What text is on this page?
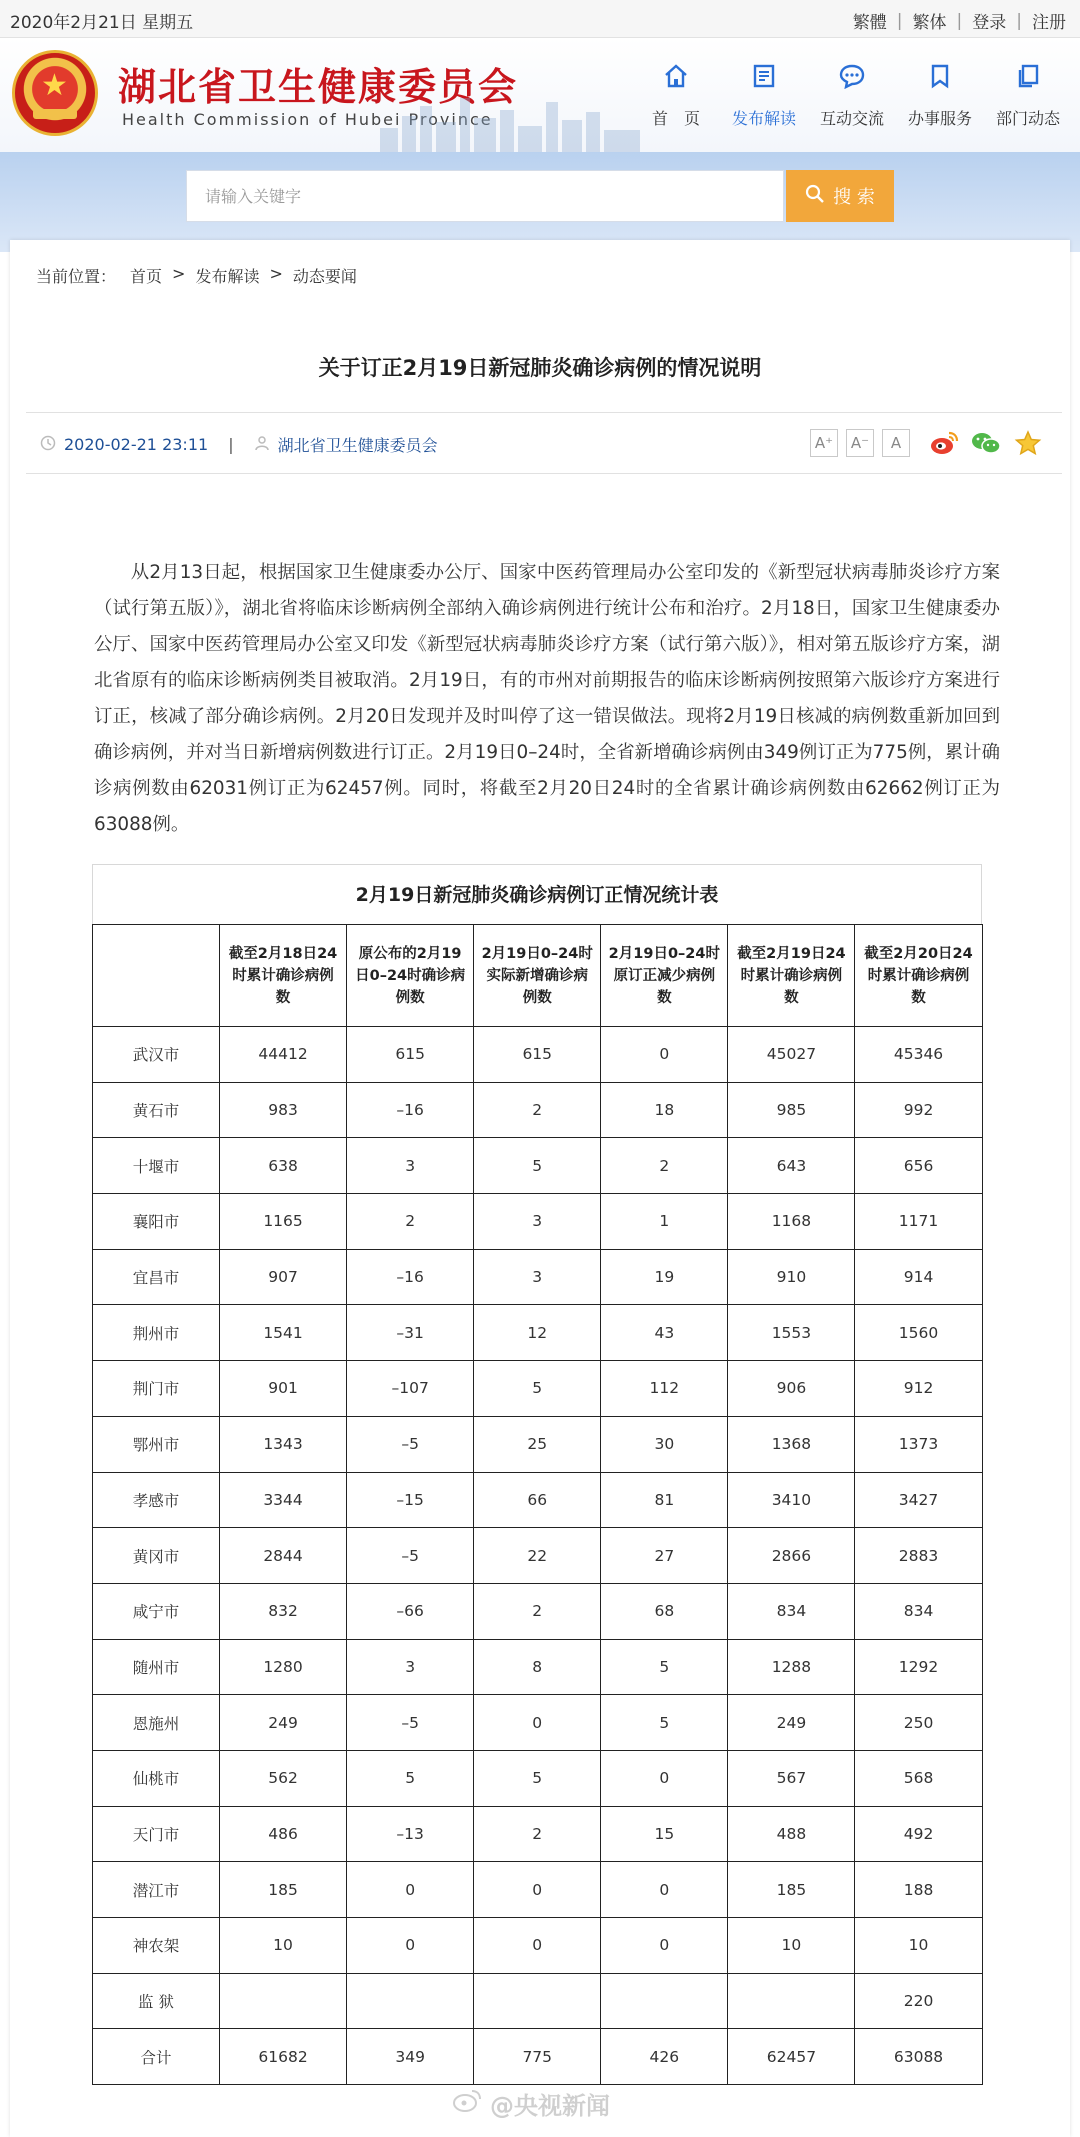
2020年2月21日 星期五	繁體 | 繁体 | 登录 | 注册
★ 湖北省卫生健康委员会
Health Commission of Hubei Province	首　页	发布解读	互动交流	办事服务	部门动态
请输入关键字	搜 索
当前位置： 首页 > 发布解读 > 动态要闻
关于订正2月19日新冠肺炎确诊病例的情况说明
2020-02-21 23:11 |	湖北省卫生健康委员会	A⁺	A⁻	A
从2月13日起，根据国家卫生健康委办公厅、国家中医药管理局办公室印发的《新型冠状病毒肺炎诊疗方案（试行第五版）》，湖北省将临床诊断病例全部纳入确诊病例进行统计公布和治疗。2月18日，国家卫生健康委办公厅、国家中医药管理局办公室又印发《新型冠状病毒肺炎诊疗方案（试行第六版）》，相对第五版诊疗方案，湖北省原有的临床诊断病例类目被取消。2月19日，有的市州对前期报告的临床诊断病例按照第六版诊疗方案进行订正，核减了部分确诊病例。2月20日发现并及时叫停了这一错误做法。现将2月19日核减的病例数重新加回到确诊病例，并对当日新增病例数进行订正。2月19日0–24时，全省新增确诊病例由349例订正为775例，累计确诊病例数由62031例订正为62457例。同时，将截至2月20日24时的全省累计确诊病例数由62662例订正为63088例。
2月19日新冠肺炎确诊病例订正情况统计表
	截至2月18日24时累计确诊病例数	原公布的2月19日0–24时确诊病例数	2月19日0–24时实际新增确诊病例数	2月19日0–24时原订正减少病例数	截至2月19日24时累计确诊病例数	截至2月20日24时累计确诊病例数
武汉市	44412	615	615	0	45027	45346
黄石市	983	–16	2	18	985	992
十堰市	638	3	5	2	643	656
襄阳市	1165	2	3	1	1168	1171
宜昌市	907	–16	3	19	910	914
荆州市	1541	–31	12	43	1553	1560
荆门市	901	–107	5	112	906	912
鄂州市	1343	–5	25	30	1368	1373
孝感市	3344	–15	66	81	3410	3427
黄冈市	2844	–5	22	27	2866	2883
咸宁市	832	–66	2	68	834	834
随州市	1280	3	8	5	1288	1292
恩施州	249	–5	0	5	249	250
仙桃市	562	5	5	0	567	568
天门市	486	–13	2	15	488	492
潜江市	185	0	0	0	185	188
神农架	10	0	0	0	10	10
监 狱						220
合计	61682	349	775	426	62457	63088
@央视新闻
